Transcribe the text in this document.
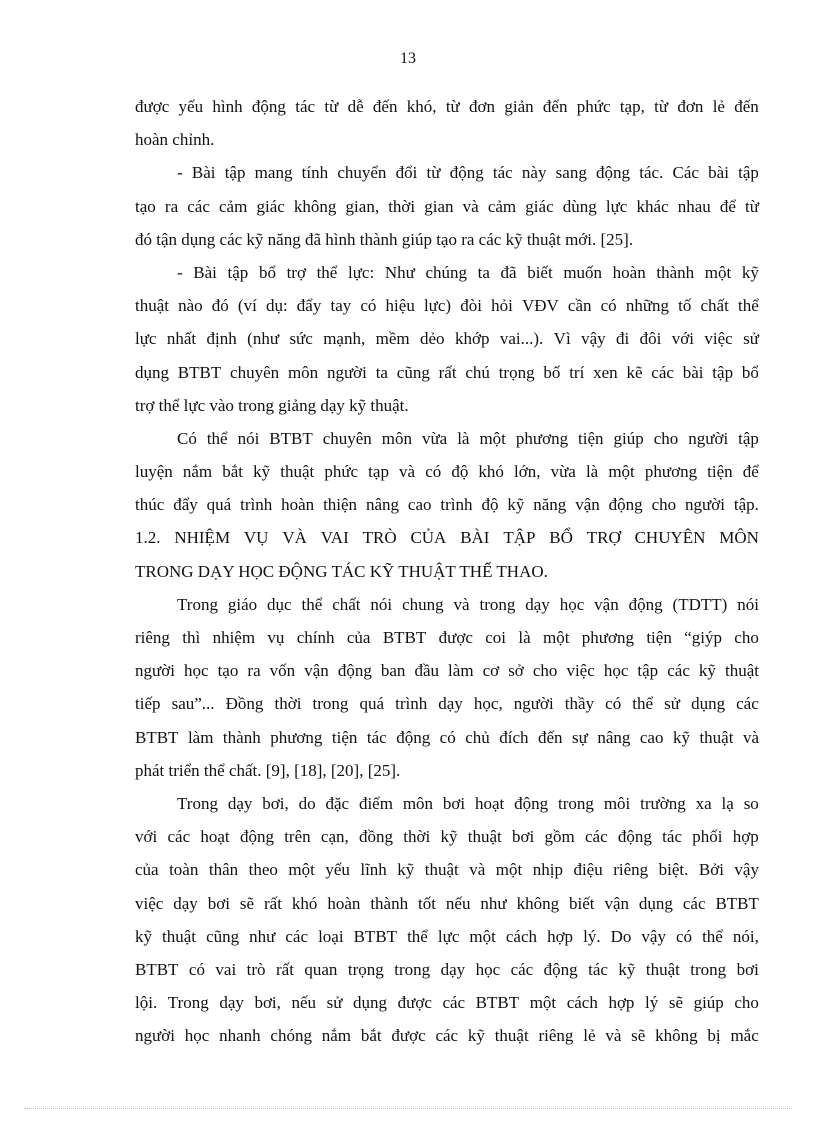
13
được yếu hình động tác từ dễ đến khó, từ đơn giản đến phức tạp, từ đơn lẻ đến
hoàn chỉnh.
- Bài tập mang tính chuyển đổi từ động tác này sang động tác. Các bài tập
tạo ra các cảm giác không gian, thời gian và cảm giác dùng lực khác nhau để từ
đó tận dụng các kỹ năng đã hình thành giúp tạo ra các kỹ thuật mới. [25].
- Bài tập bổ trợ thể lực: Như chúng ta đã biết muốn hoàn thành một kỹ
thuật nào đó (ví dụ: đẩy tay có hiệu lực) đòi hỏi VĐV cần có những tố chất thể
lực nhất định (như sức mạnh, mềm dẻo khớp vai...). Vì vậy đi đôi với việc sử
dụng BTBT chuyên môn người ta cũng rất chú trọng bố trí xen kẽ các bài tập bổ
trợ thể lực vào trong giảng dạy kỹ thuật.
Có thể nói BTBT chuyên môn vừa là một phương tiện giúp cho người tập
luyện nắm bắt kỹ thuật phức tạp và có độ khó lớn, vừa là một phương tiện để
thúc đẩy quá trình hoàn thiện nâng cao trình độ kỹ năng vận động cho người tập.
1.2. NHIỆM VỤ VÀ VAI TRÒ CỦA BÀI TẬP BỔ TRỢ CHUYÊN MÔN
TRONG DẠY HỌC ĐỘNG TÁC KỸ THUẬT THỂ THAO.
Trong giáo dục thể chất nói chung và trong dạy học vận động (TDTT) nói
riêng thì nhiệm vụ chính của BTBT được coi là một phương tiện “giýp cho
người học tạo ra vốn vận động ban đầu làm cơ sở cho việc học tập các kỹ thuật
tiếp sau”... Đồng thời trong quá trình dạy học, người thầy có thể sử dụng các
BTBT làm thành phương tiện tác động có chủ đích đến sự nâng cao kỹ thuật và
phát triển thể chất. [9], [18], [20], [25].
Trong dạy bơi, do đặc điểm môn bơi hoạt động trong môi trường xa lạ so
với các hoạt động trên cạn, đồng thời kỹ thuật bơi gồm các động tác phối hợp
của toàn thân theo một yếu lĩnh kỹ thuật và một nhịp điệu riêng biệt. Bởi vậy
việc dạy bơi sẽ rất khó hoàn thành tốt nếu như không biết vận dụng các BTBT
kỹ thuật cũng như các loại BTBT thể lực một cách hợp lý. Do vậy có thể nói,
BTBT có vai trò rất quan trọng trong dạy học các động tác kỹ thuật trong bơi
lội. Trong dạy bơi, nếu sử dụng được các BTBT một cách hợp lý sẽ giúp cho
người học nhanh chóng nắm bắt được các kỹ thuật riêng lẻ và sẽ không bị mắc
